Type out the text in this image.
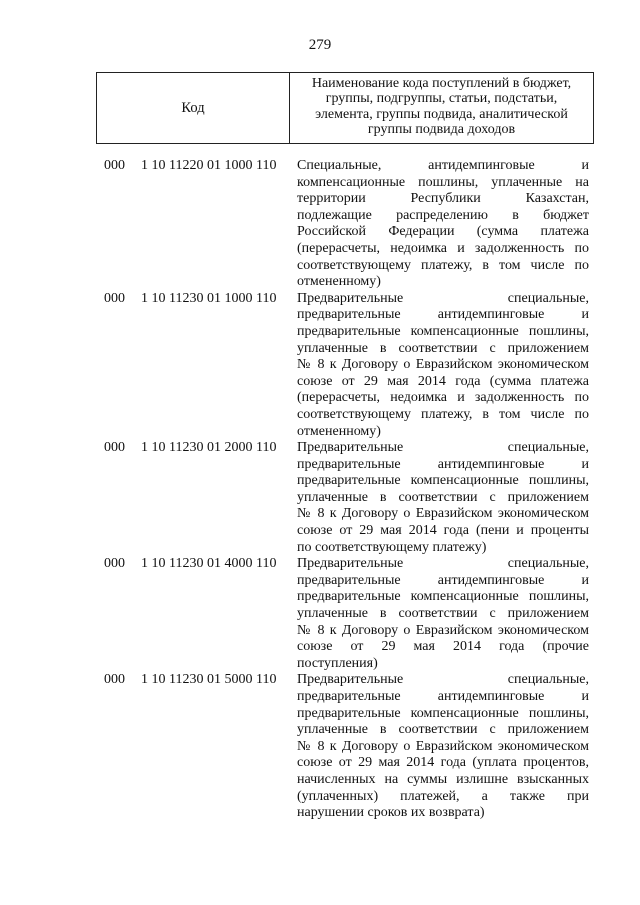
279
Код
Наименование кода поступлений в бюджет,
группы, подгруппы, статьи, подстатьи,
элемента, группы подвида, аналитической
группы подвида доходов
000 1 10 11220 01 1000 110 Специальные, антидемпинговые и
компенсационные пошлины, уплаченные на
территории Республики Казахстан,
подлежащие распределению в бюджет
Российской Федерации (сумма платежа
(перерасчеты, недоимка и задолженность по
соответствующему платежу, в том числе по
отмененному)
000 1 10 11230 01 1000 110 Предварительные специальные,
предварительные антидемпинговые и
предварительные компенсационные пошлины,
уплаченные в соответствии с приложением
№ 8 к Договору о Евразийском экономическом
союзе от 29 мая 2014 года (сумма платежа
(перерасчеты, недоимка и задолженность по
соответствующему платежу, в том числе по
отмененному)
000 1 10 11230 01 2000 110 Предварительные специальные,
предварительные антидемпинговые и
предварительные компенсационные пошлины,
уплаченные в соответствии с приложением
№ 8 к Договору о Евразийском экономическом
союзе от 29 мая 2014 года (пени и проценты
по соответствующему платежу)
000 1 10 11230 01 4000 110 Предварительные специальные,
предварительные антидемпинговые и
предварительные компенсационные пошлины,
уплаченные в соответствии с приложением
№ 8 к Договору о Евразийском экономическом
союзе от 29 мая 2014 года (прочие
поступления)
000 1 10 11230 01 5000 110 Предварительные специальные,
предварительные антидемпинговые и
предварительные компенсационные пошлины,
уплаченные в соответствии с приложением
№ 8 к Договору о Евразийском экономическом
союзе от 29 мая 2014 года (уплата процентов,
начисленных на суммы излишне взысканных
(уплаченных) платежей, а также при
нарушении сроков их возврата)
